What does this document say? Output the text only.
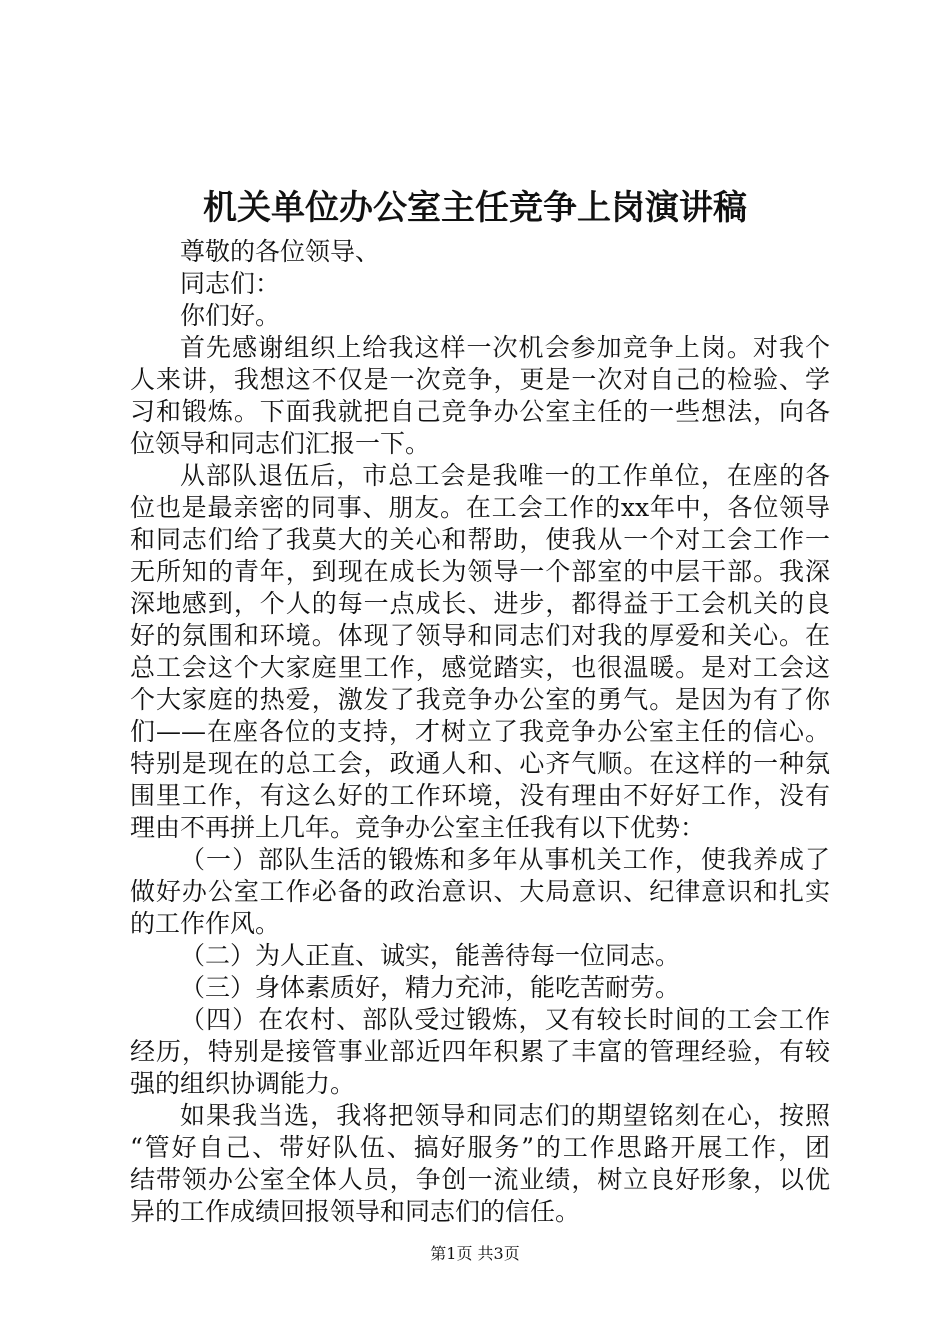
机关单位办公室主任竞争上岗演讲稿
尊敬的各位领导、
同志们：
你们好。
首先感谢组织上给我这样一次机会参加竞争上岗。对我个
人来讲，我想这不仅是一次竞争，更是一次对自己的检验、学
习和锻炼。下面我就把自己竞争办公室主任的一些想法，向各
位领导和同志们汇报一下。
从部队退伍后，市总工会是我唯一的工作单位，在座的各
位也是最亲密的同事、朋友。在工会工作的xx年中，各位领导
和同志们给了我莫大的关心和帮助，使我从一个对工会工作一
无所知的青年，到现在成长为领导一个部室的中层干部。我深
深地感到，个人的每一点成长、进步，都得益于工会机关的良
好的氛围和环境。体现了领导和同志们对我的厚爱和关心。在
总工会这个大家庭里工作，感觉踏实，也很温暖。是对工会这
个大家庭的热爱，激发了我竞争办公室的勇气。是因为有了你
们——在座各位的支持，才树立了我竞争办公室主任的信心。
特别是现在的总工会，政通人和、心齐气顺。在这样的一种氛
围里工作，有这么好的工作环境，没有理由不好好工作，没有
理由不再拼上几年。竞争办公室主任我有以下优势：
（一）部队生活的锻炼和多年从事机关工作，使我养成了
做好办公室工作必备的政治意识、大局意识、纪律意识和扎实
的工作作风。
（二）为人正直、诚实，能善待每一位同志。
（三）身体素质好，精力充沛，能吃苦耐劳。
（四）在农村、部队受过锻炼，又有较长时间的工会工作
经历，特别是接管事业部近四年积累了丰富的管理经验，有较
强的组织协调能力。
如果我当选，我将把领导和同志们的期望铭刻在心，按照
“管好自己、带好队伍、搞好服务”的工作思路开展工作，团
结带领办公室全体人员，争创一流业绩，树立良好形象，以优
异的工作成绩回报领导和同志们的信任。
第1页 共3页
